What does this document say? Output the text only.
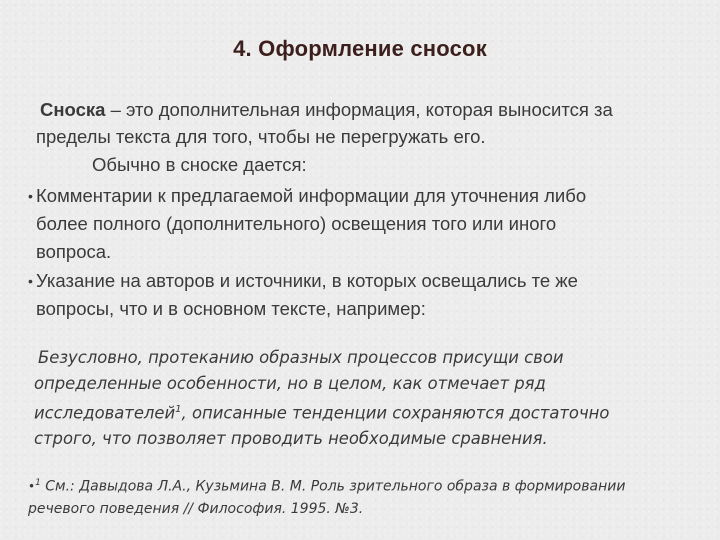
4. Оформление сносок
Сноска – это дополнительная информация, которая выносится за
пределы текста для того, чтобы не перегружать его.
Обычно в сноске дается:
• Комментарии к предлагаемой информации для уточнения либо
более полного (дополнительного) освещения того или иного
вопроса.
• Указание на авторов и источники, в которых освещались те же
вопросы, что и в основном тексте, например:
Безусловно, протеканию образных процессов присущи свои
определенные особенности, но в целом, как отмечает ряд
исследователей$^1$, описанные тенденции сохраняются достаточно
строго, что позволяет проводить необходимые сравнения.
•$^1$ См.: Давыдова Л.А., Кузьмина В. М. Роль зрительного образа в формировании
речевого поведения // Философия. 1995. №3.
